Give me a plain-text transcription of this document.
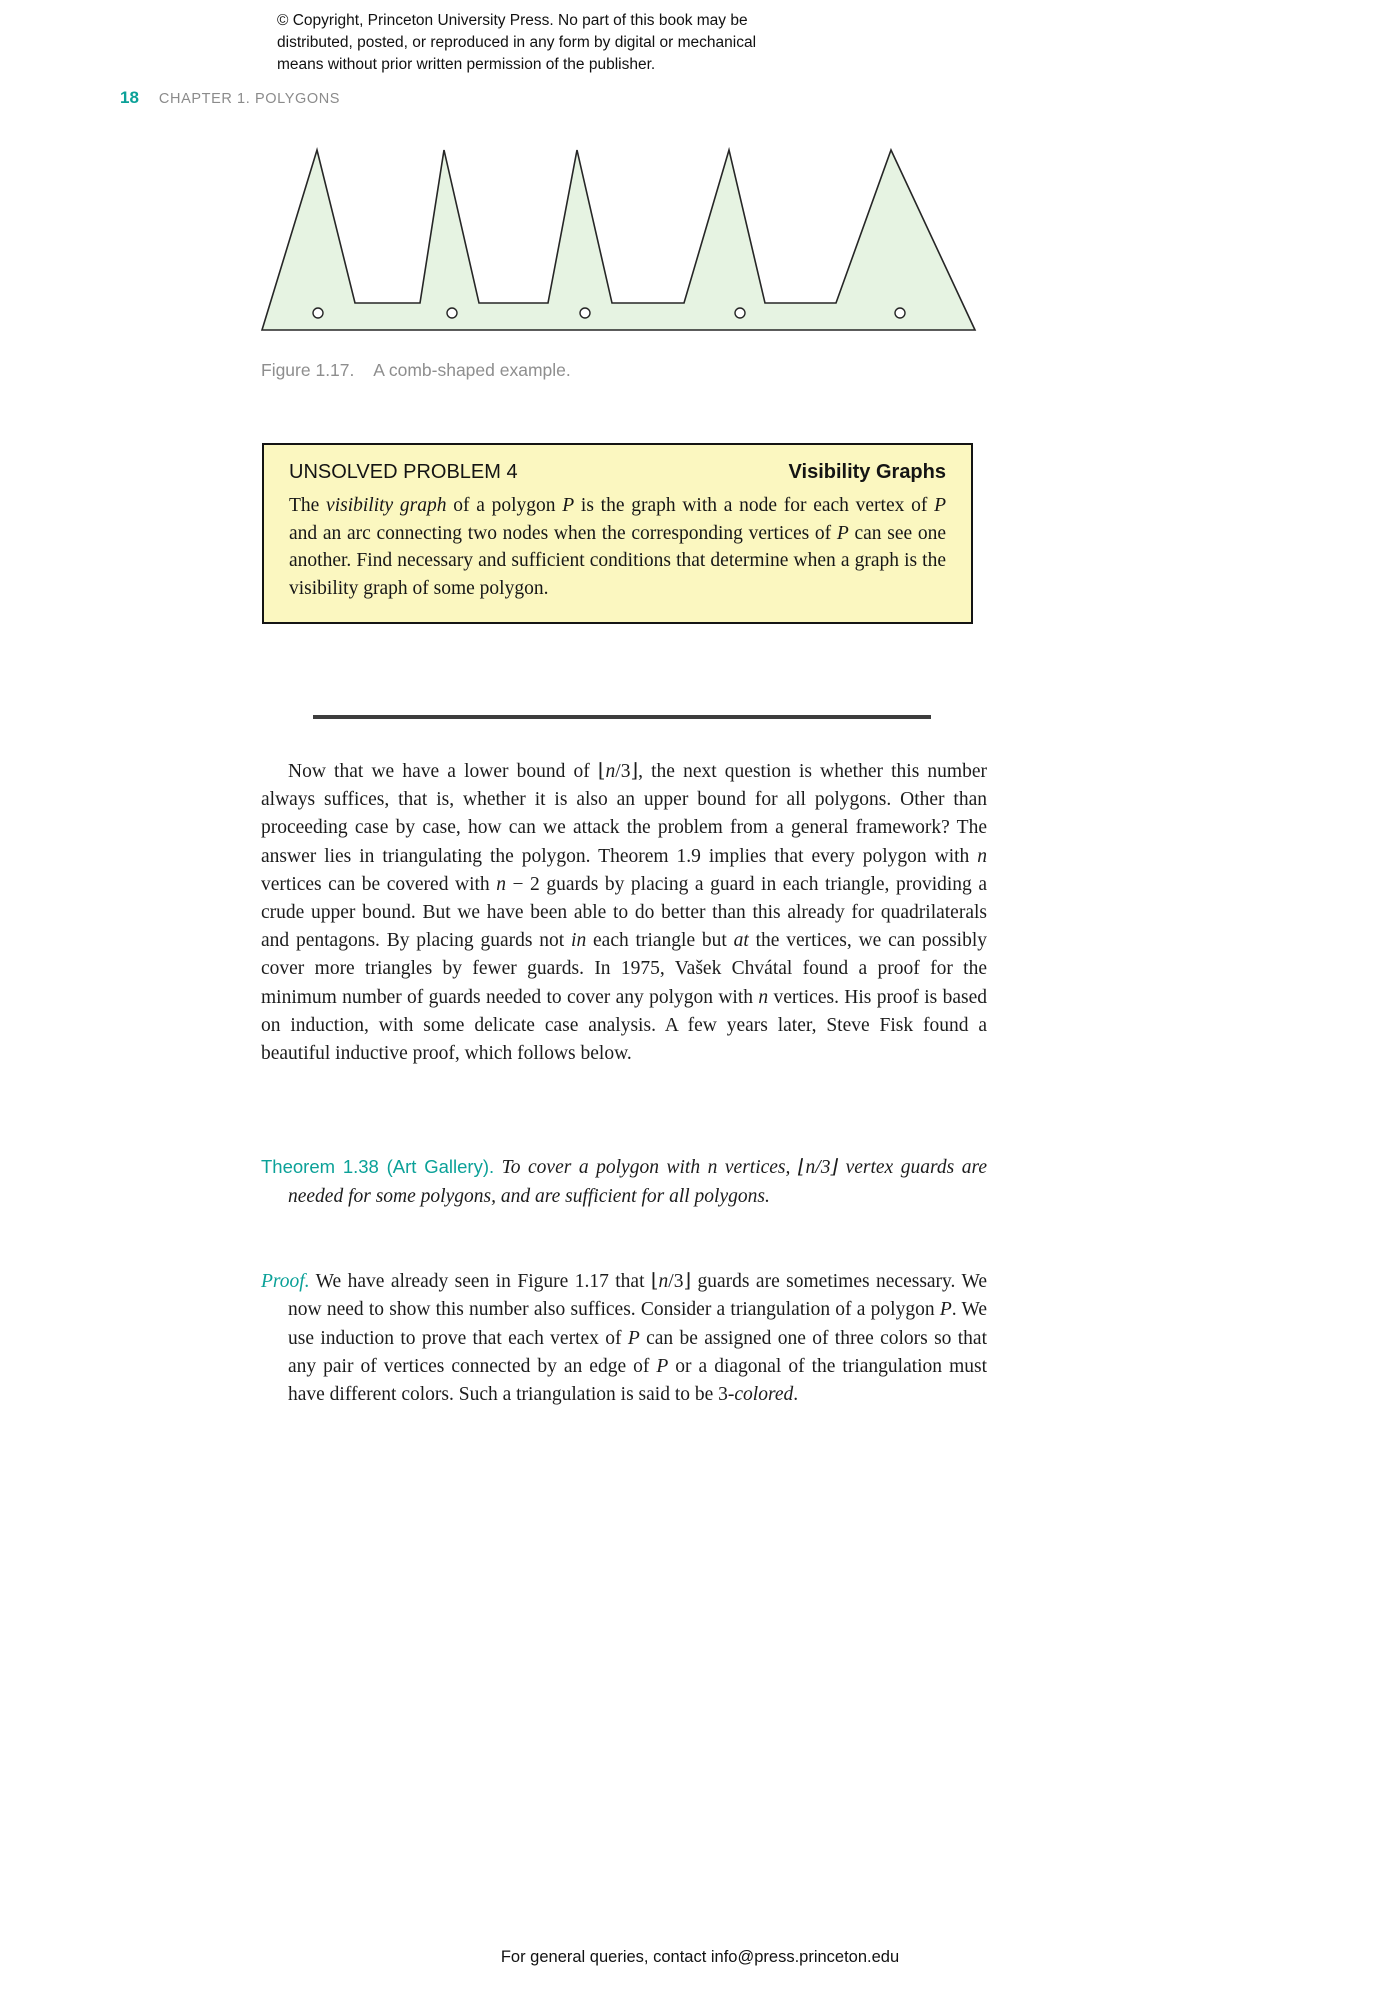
© Copyright, Princeton University Press. No part of this book may be
distributed, posted, or reproduced in any form by digital or mechanical
means without prior written permission of the publisher.
18 CHAPTER 1. POLYGONS
Figure 1.17. A comb-shaped example.
UNSOLVED PROBLEM 4	Visibility Graphs

The visibility graph of a polygon P is the graph with a node for each vertex of P and an arc connecting two nodes when the corresponding vertices of P can see one another. Find necessary and sufficient conditions that determine when a graph is the visibility graph of some polygon.

Now that we have a lower bound of ⌊n/3⌋, the next question is whether this number always suffices, that is, whether it is also an upper bound for all polygons. Other than proceeding case by case, how can we attack the problem from a general framework? The answer lies in triangulating the polygon. Theorem 1.9 implies that every polygon with n vertices can be covered with n − 2 guards by placing a guard in each triangle, providing a crude upper bound. But we have been able to do better than this already for quadrilaterals and pentagons. By placing guards not in each triangle but at the vertices, we can possibly cover more triangles by fewer guards. In 1975, Vašek Chvátal found a proof for the minimum number of guards needed to cover any polygon with n vertices. His proof is based on induction, with some delicate case analysis. A few years later, Steve Fisk found a beautiful inductive proof, which follows below.

Theorem 1.38 (Art Gallery). To cover a polygon with n vertices, ⌊n/3⌋ vertex guards are needed for some polygons, and are sufficient for all polygons.

Proof. We have already seen in Figure 1.17 that ⌊n/3⌋ guards are sometimes necessary. We now need to show this number also suffices. Consider a triangulation of a polygon P. We use induction to prove that each vertex of P can be assigned one of three colors so that any pair of vertices connected by an edge of P or a diagonal of the triangulation must have different colors. Such a triangulation is said to be 3-colored.

For general queries, contact info@press.princeton.edu
